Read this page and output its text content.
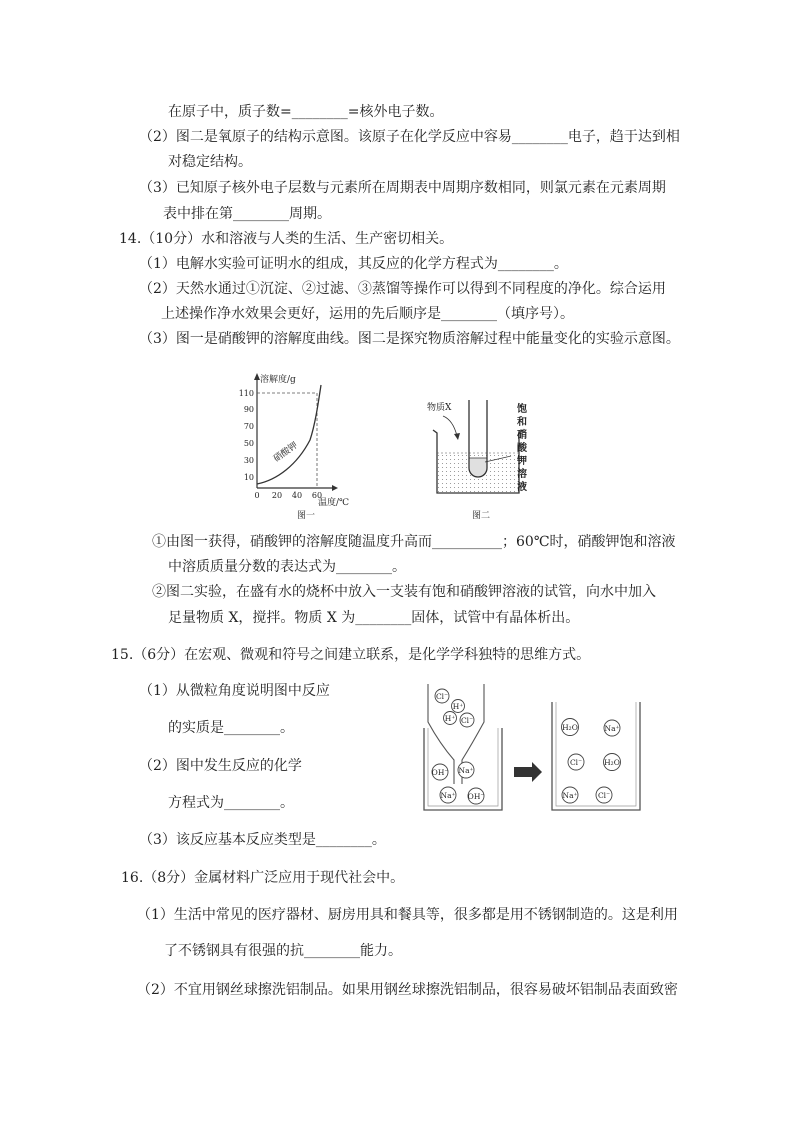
在原子中，质子数=________=核外电子数。
（2）图二是氧原子的结构示意图。该原子在化学反应中容易________电子，趋于达到相
对稳定结构。
（3）已知原子核外电子层数与元素所在周期表中周期序数相同，则氯元素在元素周期
表中排在第________周期。
14.（10分）水和溶液与人类的生活、生产密切相关。
（1）电解水实验可证明水的组成，其反应的化学方程式为________。
（2）天然水通过①沉淀、②过滤、③蒸馏等操作可以得到不同程度的净化。综合运用
上述操作净水效果会更好，运用的先后顺序是________（填序号）。
（3）图一是硝酸钾的溶解度曲线。图二是探究物质溶解过程中能量变化的实验示意图。
110
90
70
50
30
10
0 20 40 60
溶解度/g
温度/℃
硝酸钾
图一
物质X	饱
和
硝
酸
钾
溶
液
图二
①由图一获得，硝酸钾的溶解度随温度升高而__________；60℃时，硝酸钾饱和溶液
中溶质质量分数的表达式为________。
②图二实验，在盛有水的烧杯中放入一支装有饱和硝酸钾溶液的试管，向水中加入
足量物质 X，搅拌。物质 X 为________固体，试管中有晶体析出。
15.（6分）在宏观、微观和符号之间建立联系，是化学学科独特的思维方式。
（1）从微粒角度说明图中反应
的实质是________。
（2）图中发生反应的化学
方程式为________。
（3）该反应基本反应类型是________。
Cl⁻
H⁺
H⁺ Cl⁻
OH⁻ Na⁺
Na⁺ OH⁻
H₂O	Na⁺
Cl⁻	H₂O
Na⁺	Cl⁻
16.（8分）金属材料广泛应用于现代社会中。
（1）生活中常见的医疗器材、厨房用具和餐具等，很多都是用不锈钢制造的。这是利用
了不锈钢具有很强的抗________能力。
（2）不宜用钢丝球擦洗铝制品。如果用钢丝球擦洗铝制品，很容易破坏铝制品表面致密
